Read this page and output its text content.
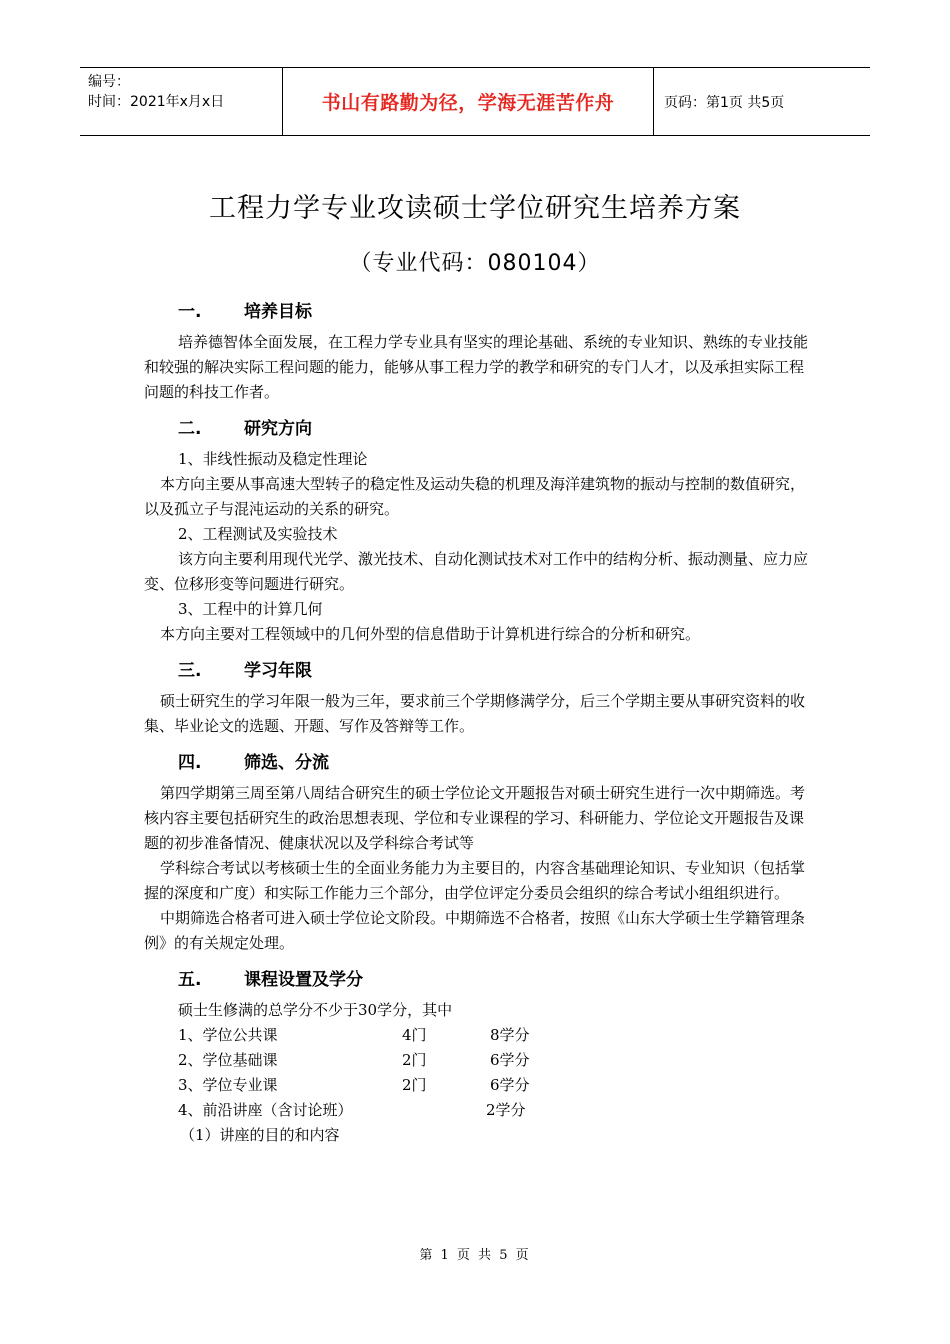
编号：
时间：2021年x月x日	书山有路勤为径，学海无涯苦作舟	页码：第1页 共5页
工程力学专业攻读硕士学位研究生培养方案
（专业代码：080104）
一.	培养目标

培养德智体全面发展，在工程力学专业具有坚实的理论基础、系统的专业知识、熟练的专业技能和较强的解决实际工程问题的能力，能够从事工程力学的教学和研究的专门人才，以及承担实际工程问题的科技工作者。

二.	研究方向

1、非线性振动及稳定性理论

本方向主要从事高速大型转子的稳定性及运动失稳的机理及海洋建筑物的振动与控制的数值研究，以及孤立子与混沌运动的关系的研究。

2、工程测试及实验技术

该方向主要利用现代光学、激光技术、自动化测试技术对工作中的结构分析、振动测量、应力应变、位移形变等问题进行研究。

3、工程中的计算几何

本方向主要对工程领域中的几何外型的信息借助于计算机进行综合的分析和研究。

三.	学习年限

硕士研究生的学习年限一般为三年，要求前三个学期修满学分，后三个学期主要从事研究资料的收集、毕业论文的选题、开题、写作及答辩等工作。

四.	筛选、分流

第四学期第三周至第八周结合研究生的硕士学位论文开题报告对硕士研究生进行一次中期筛选。考核内容主要包括研究生的政治思想表现、学位和专业课程的学习、科研能力、学位论文开题报告及课题的初步准备情况、健康状况以及学科综合考试等

学科综合考试以考核硕士生的全面业务能力为主要目的，内容含基础理论知识、专业知识（包括掌握的深度和广度）和实际工作能力三个部分，由学位评定分委员会组织的综合考试小组组织进行。

中期筛选合格者可进入硕士学位论文阶段。中期筛选不合格者，按照《山东大学硕士生学籍管理条例》的有关规定处理。

五.	课程设置及学分

硕士生修满的总学分不少于30学分，其中

1、学位公共课	4门	8学分
2、学位基础课	2门	6学分
3、学位专业课	2门	6学分
4、前沿讲座（含讨论班）	2学分

（1）讲座的目的和内容

第 1 页 共 5 页
